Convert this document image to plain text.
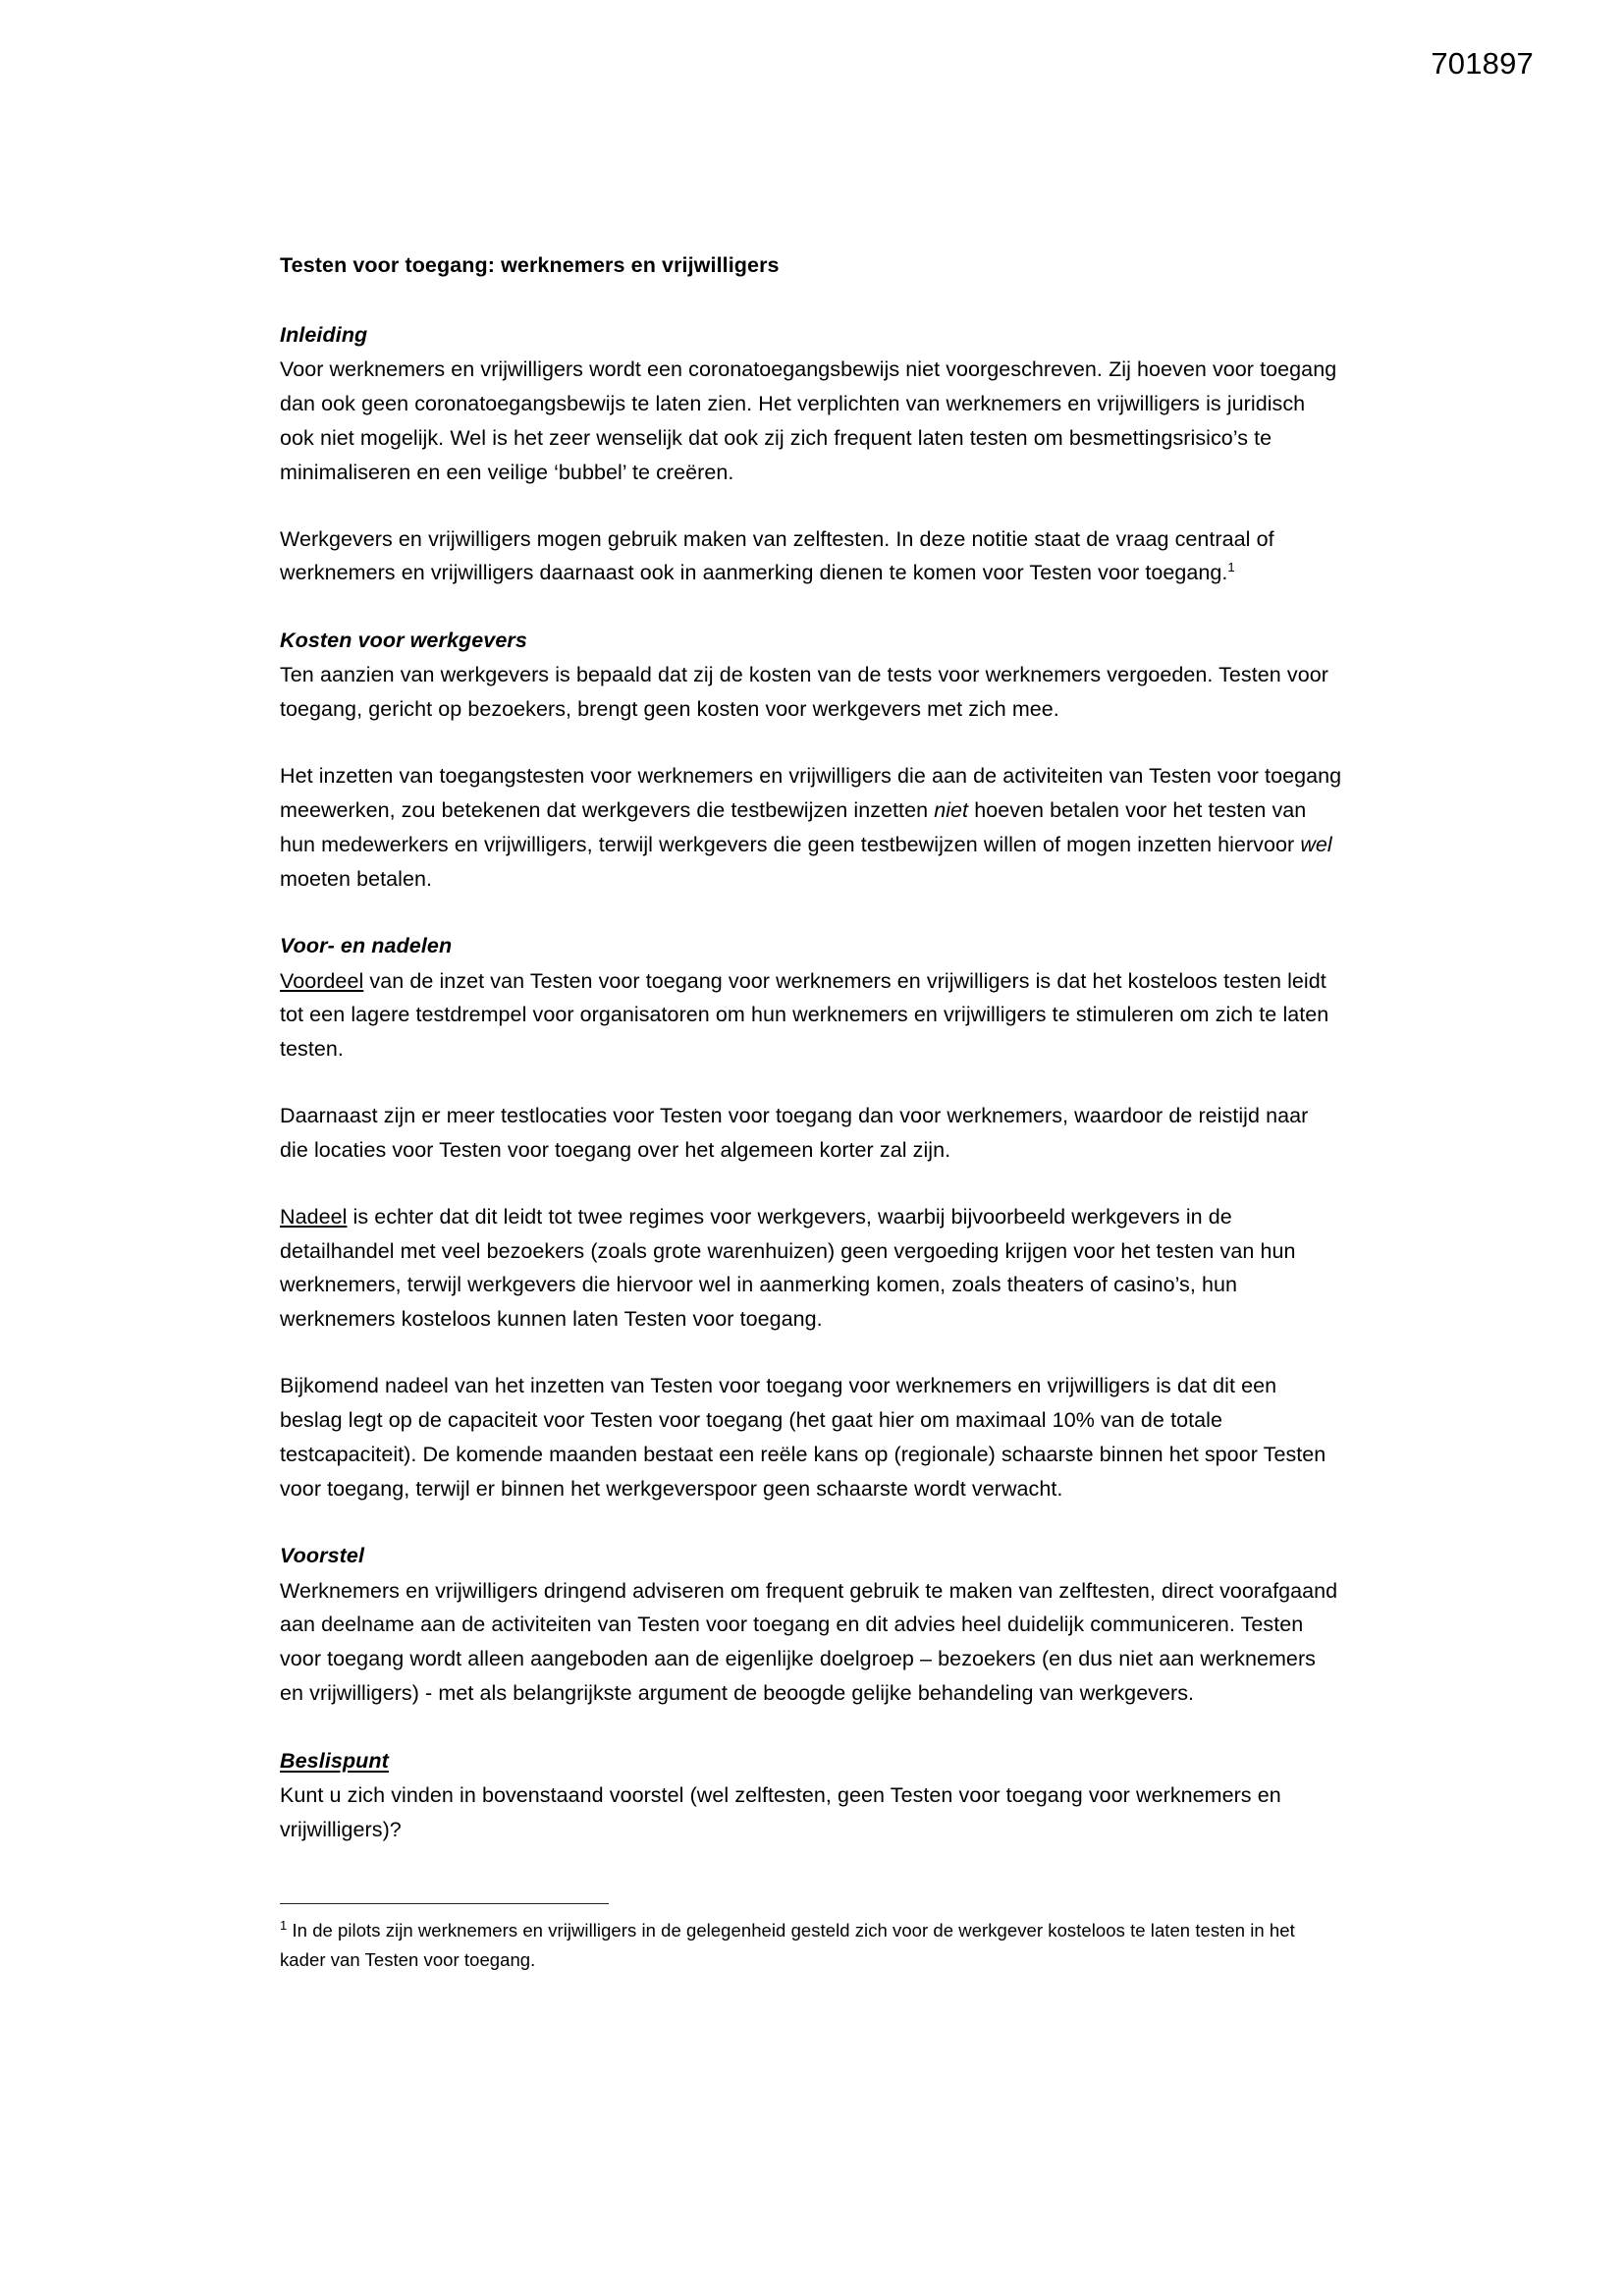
701897
Testen voor toegang: werknemers en vrijwilligers
Inleiding

Voor werknemers en vrijwilligers wordt een coronatoegangsbewijs niet voorgeschreven. Zij hoeven voor toegang dan ook geen coronatoegangsbewijs te laten zien. Het verplichten van werknemers en vrijwilligers is juridisch ook niet mogelijk. Wel is het zeer wenselijk dat ook zij zich frequent laten testen om besmettingsrisico’s te minimaliseren en een veilige ‘bubbel’ te creëren.

Werkgevers en vrijwilligers mogen gebruik maken van zelftesten. In deze notitie staat de vraag centraal of werknemers en vrijwilligers daarnaast ook in aanmerking dienen te komen voor Testen voor toegang.$^1$

Kosten voor werkgevers

Ten aanzien van werkgevers is bepaald dat zij de kosten van de tests voor werknemers vergoeden. Testen voor toegang, gericht op bezoekers, brengt geen kosten voor werkgevers met zich mee.

Het inzetten van toegangstesten voor werknemers en vrijwilligers die aan de activiteiten van Testen voor toegang meewerken, zou betekenen dat werkgevers die testbewijzen inzetten niet hoeven betalen voor het testen van hun medewerkers en vrijwilligers, terwijl werkgevers die geen testbewijzen willen of mogen inzetten hiervoor wel moeten betalen.

Voor- en nadelen

Voordeel van de inzet van Testen voor toegang voor werknemers en vrijwilligers is dat het kosteloos testen leidt tot een lagere testdrempel voor organisatoren om hun werknemers en vrijwilligers te stimuleren om zich te laten testen.

Daarnaast zijn er meer testlocaties voor Testen voor toegang dan voor werknemers, waardoor de reistijd naar die locaties voor Testen voor toegang over het algemeen korter zal zijn.

Nadeel is echter dat dit leidt tot twee regimes voor werkgevers, waarbij bijvoorbeeld werkgevers in de detailhandel met veel bezoekers (zoals grote warenhuizen) geen vergoeding krijgen voor het testen van hun werknemers, terwijl werkgevers die hiervoor wel in aanmerking komen, zoals theaters of casino’s, hun werknemers kosteloos kunnen laten Testen voor toegang.

Bijkomend nadeel van het inzetten van Testen voor toegang voor werknemers en vrijwilligers is dat dit een beslag legt op de capaciteit voor Testen voor toegang (het gaat hier om maximaal 10% van de totale testcapaciteit). De komende maanden bestaat een reële kans op (regionale) schaarste binnen het spoor Testen voor toegang, terwijl er binnen het werkgeverspoor geen schaarste wordt verwacht.

Voorstel

Werknemers en vrijwilligers dringend adviseren om frequent gebruik te maken van zelftesten, direct voorafgaand aan deelname aan de activiteiten van Testen voor toegang en dit advies heel duidelijk communiceren. Testen voor toegang wordt alleen aangeboden aan de eigenlijke doelgroep – bezoekers (en dus niet aan werknemers en vrijwilligers) - met als belangrijkste argument de beoogde gelijke behandeling van werkgevers.

Beslispunt

Kunt u zich vinden in bovenstaand voorstel (wel zelftesten, geen Testen voor toegang voor werknemers en vrijwilligers)?

$^1$ In de pilots zijn werknemers en vrijwilligers in de gelegenheid gesteld zich voor de werkgever kosteloos te laten testen in het kader van Testen voor toegang.
